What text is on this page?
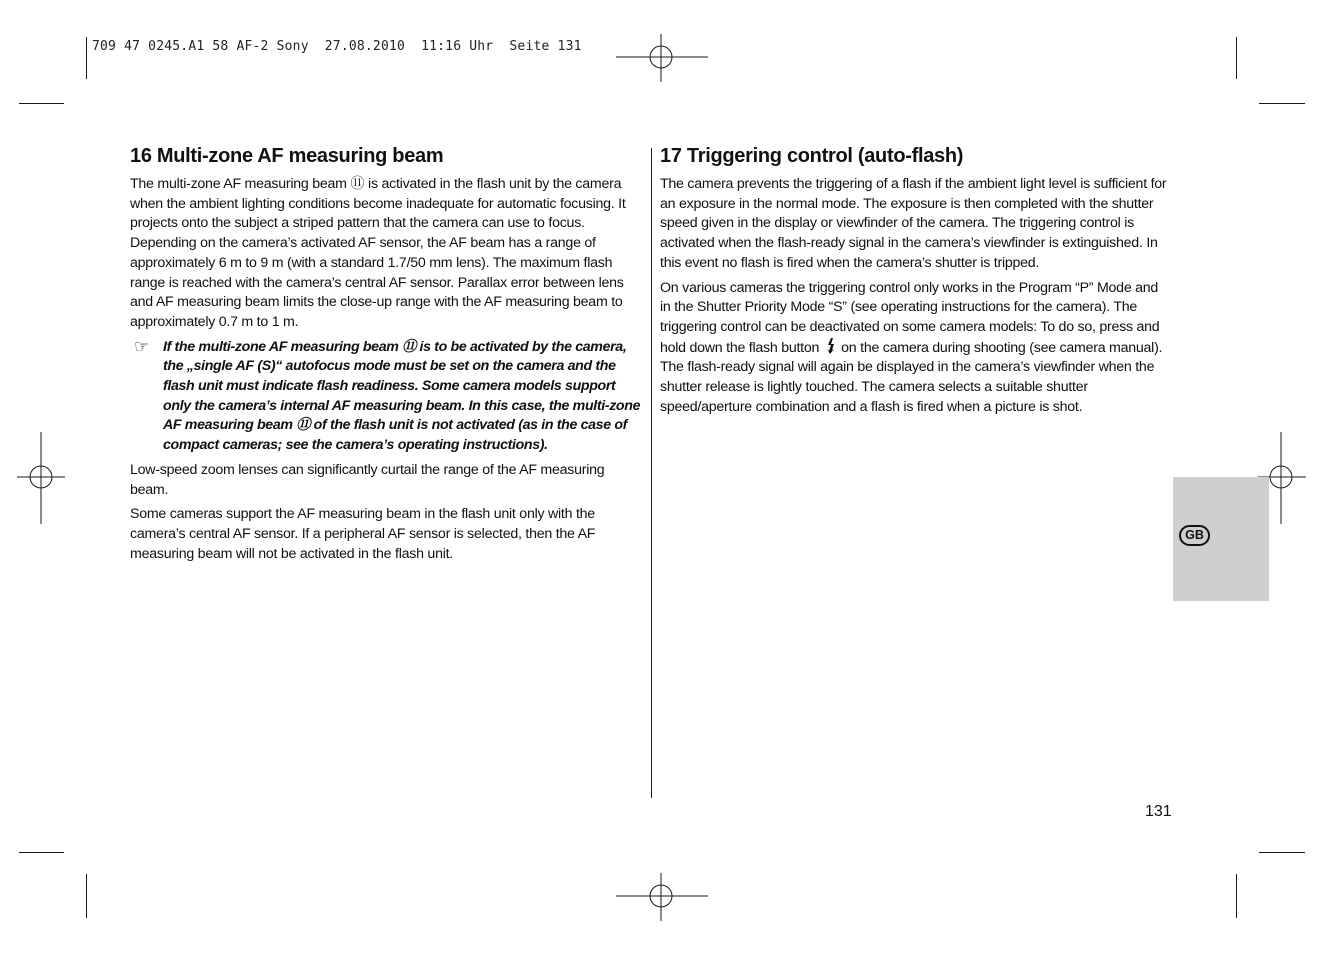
709 47 0245.A1 58 AF-2 Sony  27.08.2010  11:16 Uhr  Seite 131
16 Multi-zone AF measuring beam

The multi-zone AF measuring beam ⑪ is activated in the flash unit by the camera when the ambient lighting conditions become inadequate for automatic focusing. It projects onto the subject a striped pattern that the camera can use to focus. Depending on the camera’s activated AF sensor, the AF beam has a range of approximately 6 m to 9 m (with a standard 1.7/50 mm lens). The maximum flash range is reached with the camera’s central AF sensor. Parallax error between lens and AF measuring beam limits the close-up range with the AF measuring beam to approximately 0.7 m to 1 m.

☞ If the multi-zone AF measuring beam ⑪ is to be activated by the camera, the „single AF (S)“ autofocus mode must be set on the camera and the flash unit must indicate flash readiness. Some camera models support only the camera’s internal AF measuring beam. In this case, the multi-zone AF measuring beam ⑪ of the flash unit is not activated (as in the case of compact cameras; see the camera’s operating instructions).

Low-speed zoom lenses can significantly curtail the range of the AF measuring beam.

Some cameras support the AF measuring beam in the flash unit only with the camera’s central AF sensor. If a peripheral AF sensor is selected, then the AF measuring beam will not be activated in the flash unit.

17 Triggering control (auto-flash)

The camera prevents the triggering of a flash if the ambient light level is sufficient for an exposure in the normal mode. The exposure is then completed with the shutter speed given in the display or viewfinder of the camera. The triggering control is activated when the flash-ready signal in the camera’s viewfinder is extinguished. In this event no flash is fired when the camera’s shutter is tripped.

On various cameras the triggering control only works in the Program “P” Mode and in the Shutter Priority Mode “S” (see operating instructions for the camera). The triggering control can be deactivated on some camera models: To do so, press and hold down the flash button on the camera during shooting (see camera manual). The flash-ready signal will again be displayed in the camera’s viewfinder when the shutter release is lightly touched. The camera selects a suitable shutter speed/aperture combination and a flash is fired when a picture is shot.

GB
131
